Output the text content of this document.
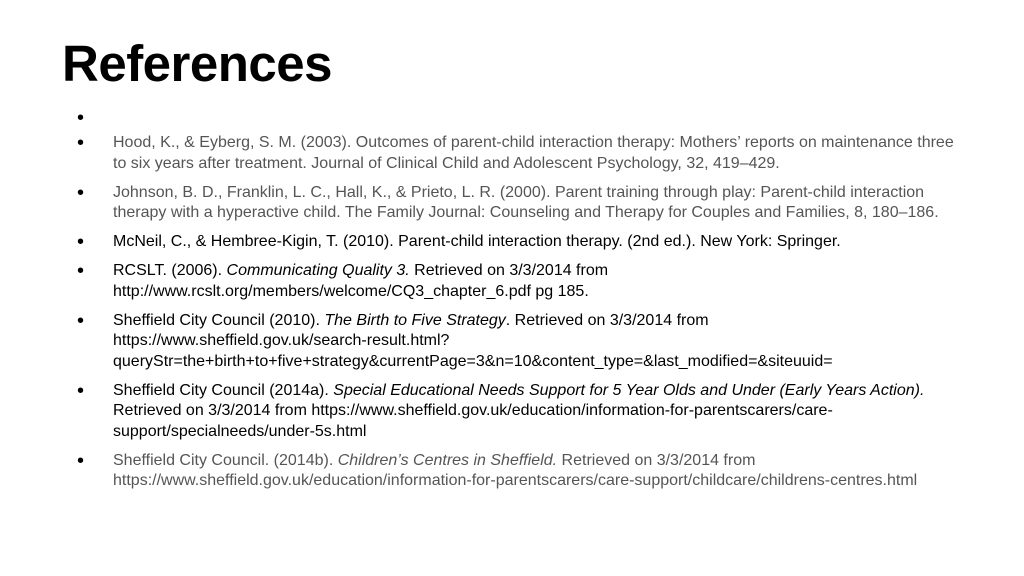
References
•
• Hood, K., & Eyberg, S. M. (2003). Outcomes of parent-child interaction therapy: Mothers’ reports on maintenance three to six years after treatment. Journal of Clinical Child and Adolescent Psychology, 32, 419–429.
• Johnson, B. D., Franklin, L. C., Hall, K., & Prieto, L. R. (2000). Parent training through play: Parent-child interaction therapy with a hyperactive child. The Family Journal: Counseling and Therapy for Couples and Families, 8, 180–186.
• McNeil, C., & Hembree-Kigin, T. (2010). Parent-child interaction therapy. (2nd ed.). New York: Springer.
• RCSLT. (2006). Communicating Quality 3. Retrieved on 3/3/2014 from http://www.rcslt.org/members/welcome/CQ3_chapter_6.pdf pg 185.
• Sheffield City Council (2010). The Birth to Five Strategy. Retrieved on 3/3/2014 from https://www.sheffield.gov.uk/search-result.html?queryStr=the+birth+to+five+strategy&currentPage=3&n=10&content_type=&last_modified=&siteuuid=
• Sheffield City Council (2014a). Special Educational Needs Support for 5 Year Olds and Under (Early Years Action). Retrieved on 3/3/2014 from https://www.sheffield.gov.uk/education/information-for-parentscarers/care-support/specialneeds/under-5s.html
• Sheffield City Council. (2014b). Children’s Centres in Sheffield. Retrieved on 3/3/2014 from https://www.sheffield.gov.uk/education/information-for-parentscarers/care-support/childcare/childrens-centres.html
